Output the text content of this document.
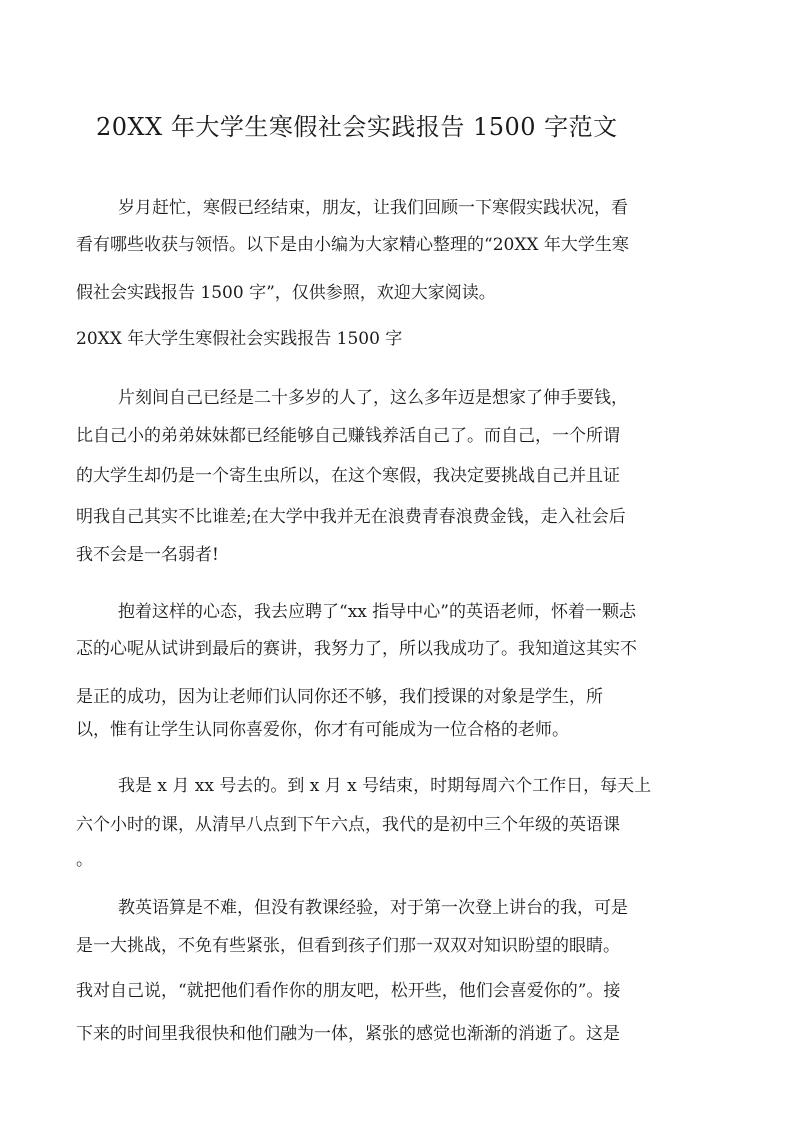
20XX 年大学生寒假社会实践报告 1500 字范文
岁月赶忙，寒假已经结束，朋友，让我们回顾一下寒假实践状况，看
看有哪些收获与领悟。以下是由小编为大家精心整理的“20XX 年大学生寒
假社会实践报告 1500 字”，仅供参照，欢迎大家阅读。
20XX 年大学生寒假社会实践报告 1500 字
片刻间自己已经是二十多岁的人了，这么多年迈是想家了伸手要钱，
比自己小的弟弟妹妹都已经能够自己赚钱养活自己了。而自己，一个所谓
的大学生却仍是一个寄生虫所以，在这个寒假，我决定要挑战自己并且证
明我自己其实不比谁差;在大学中我并无在浪费青春浪费金钱，走入社会后
我不会是一名弱者!
抱着这样的心态，我去应聘了“xx 指导中心”的英语老师，怀着一颗忐
忑的心呢从试讲到最后的赛讲，我努力了，所以我成功了。我知道这其实不
是正的成功，因为让老师们认同你还不够，我们授课的对象是学生，所
以，惟有让学生认同你喜爱你，你才有可能成为一位合格的老师。
我是 x 月 xx 号去的。到 x 月 x 号结束，时期每周六个工作日，每天上
六个小时的课，从清早八点到下午六点，我代的是初中三个年级的英语课
。
教英语算是不难，但没有教课经验，对于第一次登上讲台的我，可是
是一大挑战，不免有些紧张，但看到孩子们那一双双对知识盼望的眼睛。
我对自己说，“就把他们看作你的朋友吧，松开些，他们会喜爱你的”。接
下来的时间里我很快和他们融为一体，紧张的感觉也渐渐的消逝了。这是
